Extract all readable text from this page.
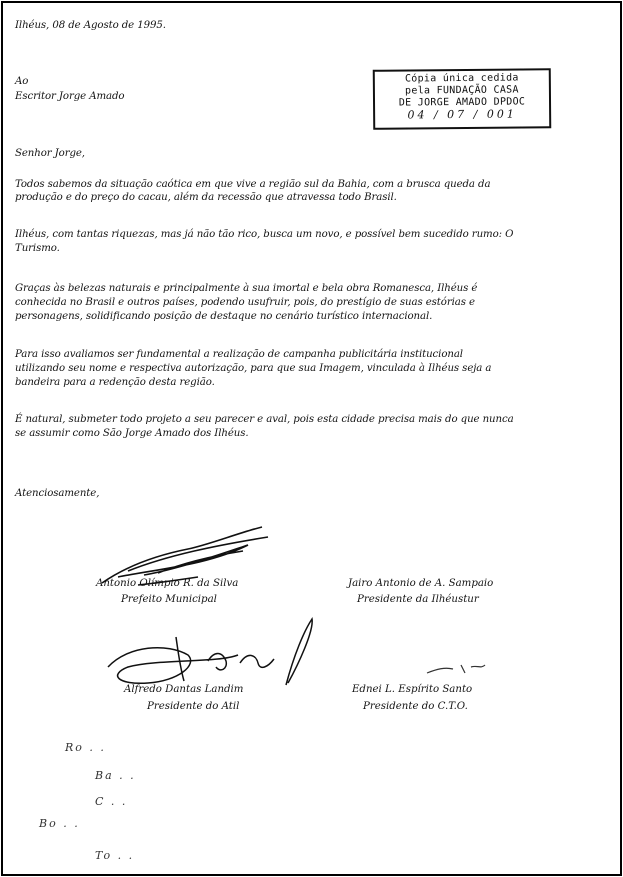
Ilhéus, 08 de Agosto de 1995.
Ao
Escritor Jorge Amado
Cópia única cedida
pela FUNDAÇÃO CASA
DE JORGE AMADO DPDOC
04 / 07 / 001
Senhor Jorge,
Todos sabemos da situação caótica em que vive a região sul da Bahia, com a brusca queda da
produção e do preço do cacau, além da recessão que atravessa todo Brasil.
Ilhéus, com tantas riquezas, mas já não tão rico, busca um novo, e possível bem sucedido rumo: O
Turismo.
Graças às belezas naturais e principalmente à sua imortal e bela obra Romanesca, Ilhéus é
conhecida no Brasil e outros países, podendo usufruir, pois, do prestígio de suas estórias e
personagens, solidificando posição de destaque no cenário turístico internacional.
Para isso avaliamos ser fundamental a realização de campanha publicitária institucional
utilizando seu nome e respectiva autorização, para que sua Imagem, vinculada à Ilhéus seja a
bandeira para a redenção desta região.
É natural, submeter todo projeto a seu parecer e aval, pois esta cidade precisa mais do que nunca
se assumir como São Jorge Amado dos Ilhéus.
Atenciosamente,
Antonio Olímpio R. da Silva
Prefeito Municipal
Jairo Antonio de A. Sampaio
Presidente da Ilhéustur
Alfredo Dantas Landim
Presidente do Atil
Ednei L. Espírito Santo
Presidente do C.T.O.
Ro . .
Ba . .
C . .
Bo . .
To . .
